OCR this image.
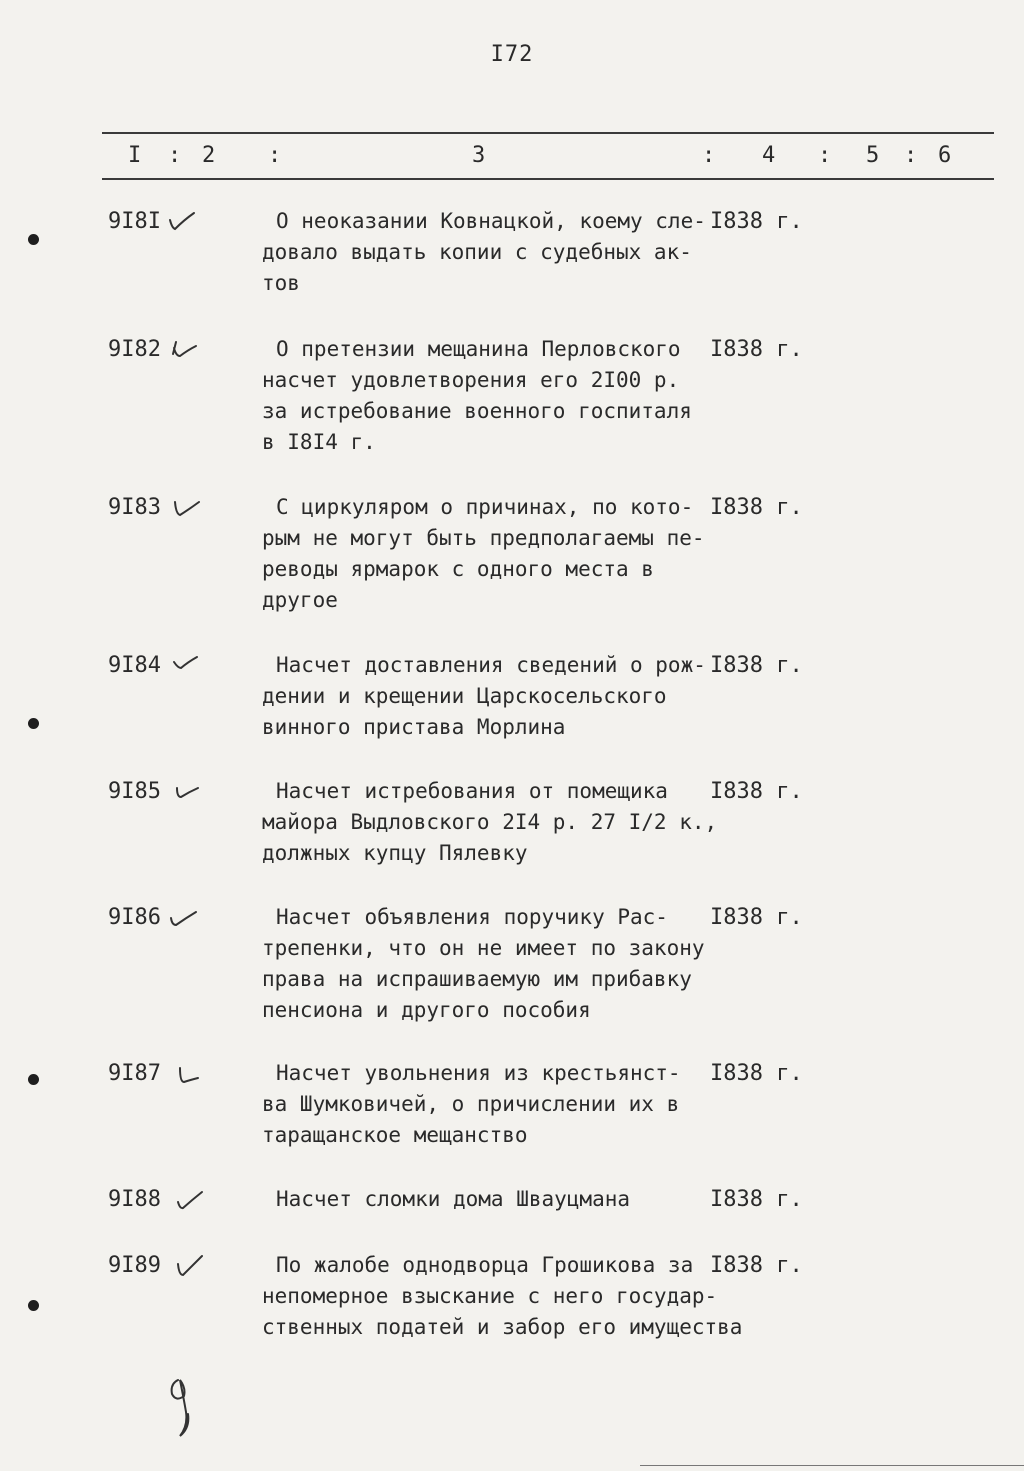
I72
I : 2 :	3	: 4 : 5 : 6
9I8I	О неоказании Ковнацкой, коему сле-
довало выдать копии с судебных ак-
тов
I838 г.
9I82	О претензии мещанина Перловского
насчет удовлетворения его 2I00 р.
за истребование военного госпиталя
в I8I4 г.
I838 г.
9I83	С циркуляром о причинах, по кото-
рым не могут быть предполагаемы пе-
реводы ярмарок с одного места в
другое
I838 г.
9I84	Насчет доставления сведений о рож-
дении и крещении Царскосельского
винного пристава Морлина
I838 г.
9I85	Насчет истребования от помещика
майора Выдловского 2I4 р. 27 I/2 к.,
должных купцу Пялевку
I838 г.
9I86	Насчет объявления поручику Рас-
трепенки, что он не имеет по закону
права на испрашиваемую им прибавку
пенсиона и другого пособия
I838 г.
9I87	Насчет увольнения из крестьянст-
ва Шумковичей, о причислении их в
таращанское мещанство
I838 г.
9I88	Насчет сломки дома Швауцмана	I838 г.
9I89	По жалобе однодворца Грошикова за
непомерное взыскание с него государ-
ственных податей и забор его имущества
I838 г.
